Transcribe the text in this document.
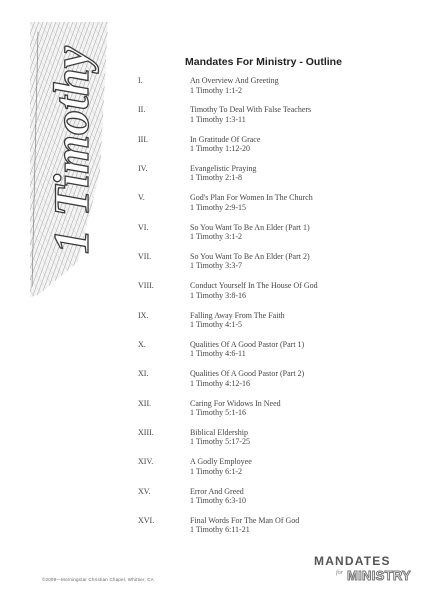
1 Timothy	Mandates For Ministry - Outline
I.	An Overview And Greeting
1 Timothy 1:1-2
II.	Timothy To Deal With False Teachers
1 Timothy 1:3-11
III.	In Gratitude Of Grace
1 Timothy 1:12-20
IV.	Evangelistic Praying
1 Timothy 2:1-8
V.	God's Plan For Women In The Church
1 Timothy 2:9-15
VI.	So You Want To Be An Elder (Part 1)
1 Timothy 3:1-2
VII.	So You Want To Be An Elder (Part 2)
1 Timothy 3:3-7
VIII.	Conduct Yourself In The House Of God
1 Timothy 3:8-16
IX.	Falling Away From The Faith
1 Timothy 4:1-5
X.	Qualities Of A Good Pastor (Part 1)
1 Timothy 4:6-11
XI.	Qualities Of A Good Pastor (Part 2)
1 Timothy 4:12-16
XII.	Caring For Widows In Need
1 Timothy 5:1-16
XIII.	Biblical Eldership
1 Timothy 5:17-25
XIV.	A Godly Employee
1 Timothy 6:1-2
XV.	Error And Greed
1 Timothy 6:3-10
XVI.	Final Words For The Man Of God
1 Timothy 6:11-21
©2009—Morningstar Christian Chapel, Whittier, CA
MANDATES
for MINISTRY
